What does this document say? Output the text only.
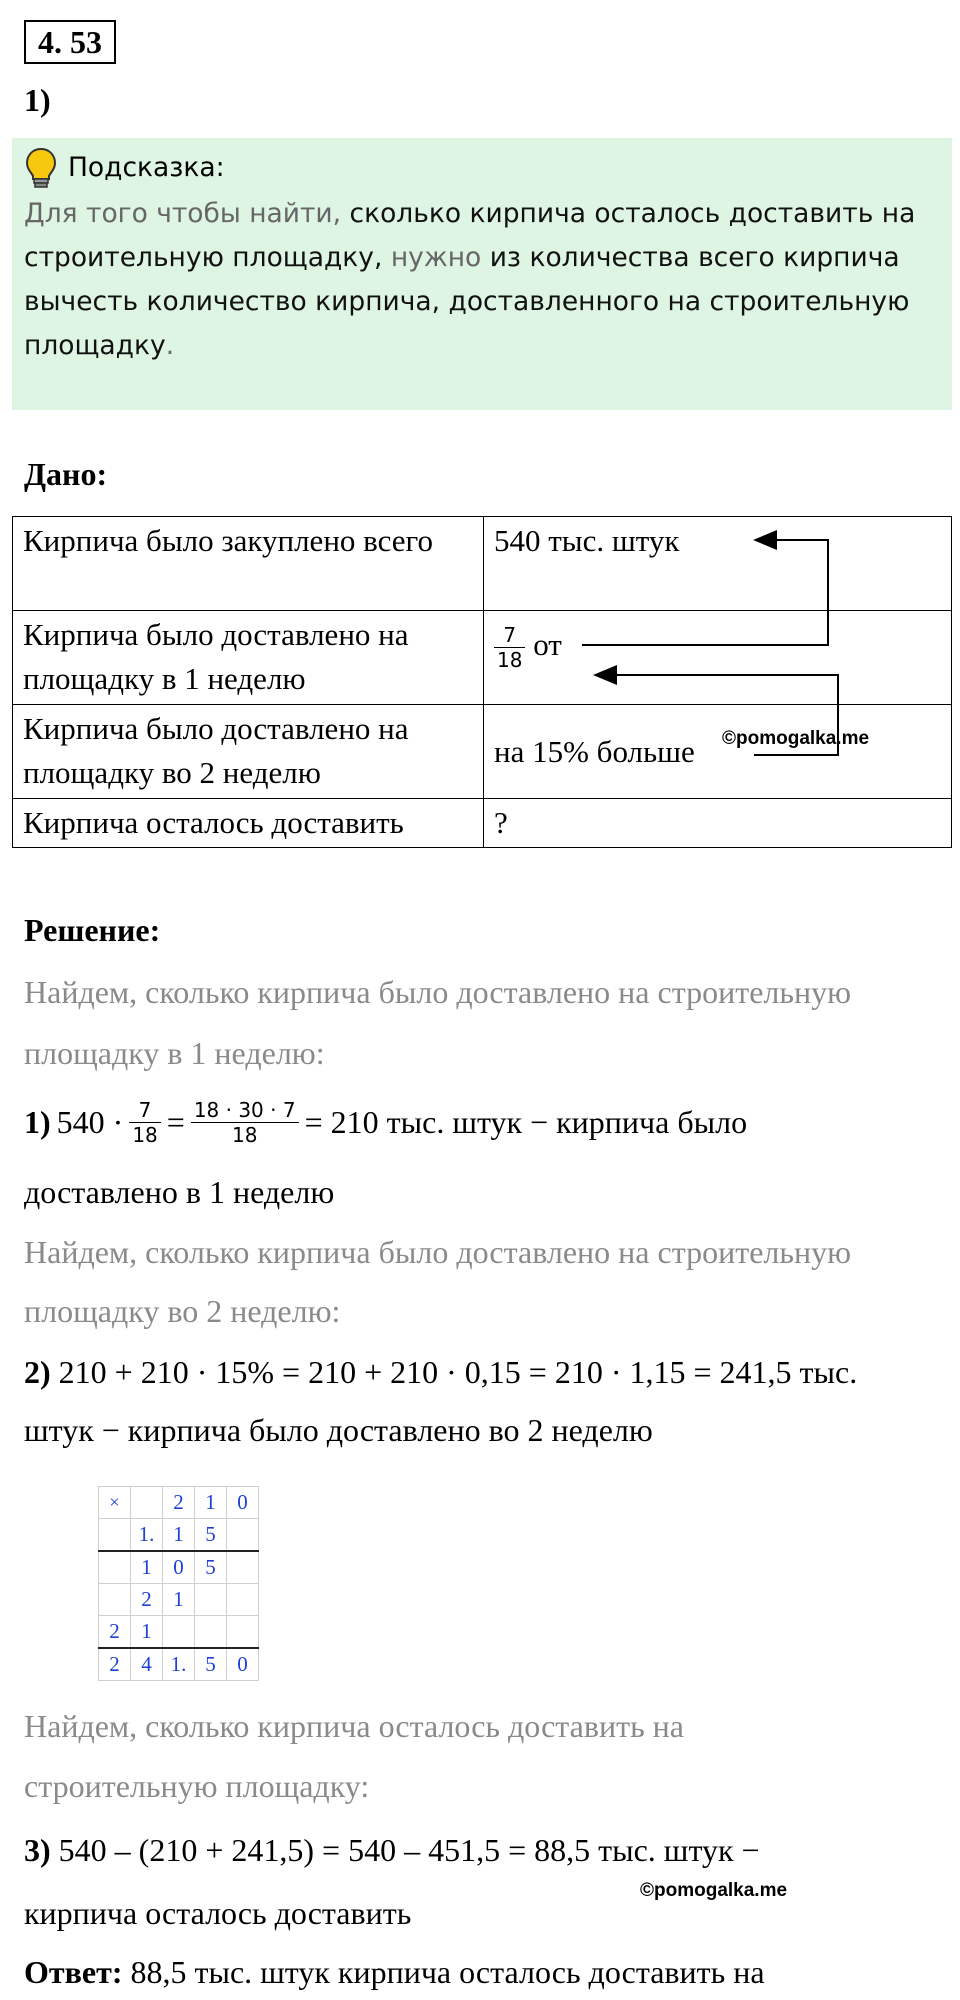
4. 53
1)
Подсказка:
Для того чтобы найти, сколько кирпича осталось доставить на строительную площадку, нужно из количества всего кирпича вычесть количество кирпича, доставленного на строительную площадку.
Дано:
Кирпича было закуплено всего	540 тыс. штук
Кирпича было доставлено на площадку в 1 неделю	$\frac{7}{18}$ от
Кирпича было доставлено на площадку во 2 неделю	на 15% больше ©pomogalka.me

Кирпича осталось доставить	?
Решение:
Найдем, сколько кирпича было доставлено на строительную
площадку в 1 неделю:
1) $540 \cdot \frac{7}{18} = \frac{18 \cdot 30 \cdot 7}{18} = 210$ тыс. штук − кирпича было
доставлено в 1 неделю
Найдем, сколько кирпича было доставлено на строительную
площадку во 2 неделю:
2) 210 + 210 · 15% = 210 + 210 · 0,15 = 210 · 1,15 = 241,5 тыс.
штук − кирпича было доставлено во 2 неделю
×		2	1	0
	1.	1	5	
	1	0	5	
	2	1		
2	1			
2	4	1.	5	0
Найдем, сколько кирпича осталось доставить на
строительную площадку:
3) 540 – (210 + 241,5) = 540 – 451,5 = 88,5 тыс. штук −
©pomogalka.me
кирпича осталось доставить
Ответ: 88,5 тыс. штук кирпича осталось доставить на
